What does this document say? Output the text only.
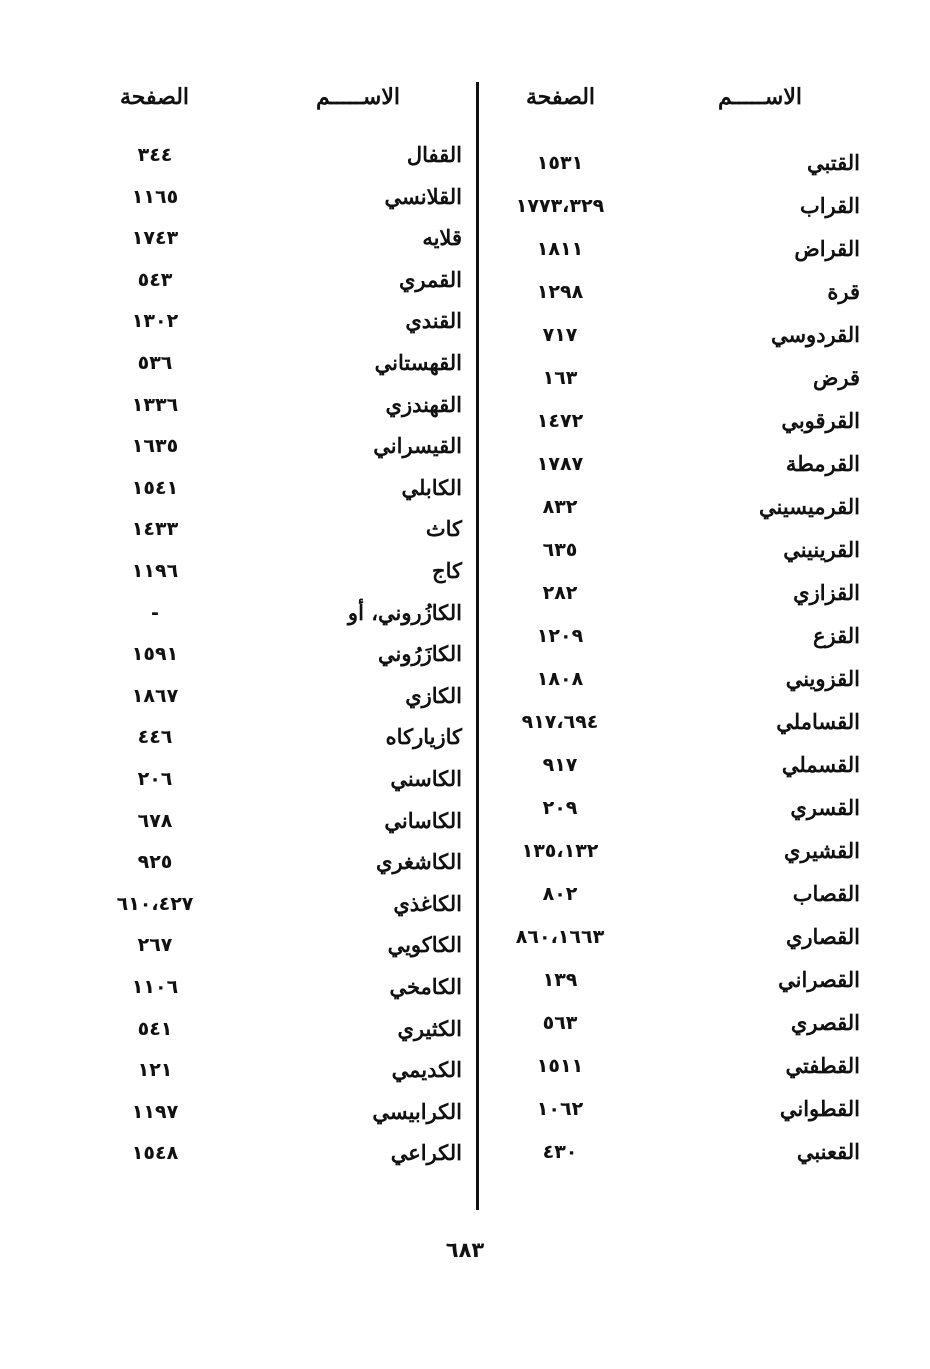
الاســـــم
الصفحة
القتبي
١٥٣١
القراب
١٧٧٣،٣٢٩
القراض
١٨١١
قرة
١٢٩٨
القردوسي
٧١٧
قرض
١٦٣
القرقوبي
١٤٧٢
القرمطة
١٧٨٧
القرميسيني
٨٣٢
القرينيني
٦٣٥
القزازي
٢٨٢
القزع
١٢٠٩
القزويني
١٨٠٨
القساملي
٩١٧،٦٩٤
القسملي
٩١٧
القسري
٢٠٩
القشيري
١٣٥،١٣٢
القصاب
٨٠٢
القصاري
٨٦٠،١٦٦٣
القصراني
١٣٩
القصري
٥٦٣
القطفتي
١٥١١
القطواني
١٠٦٢
القعنبي
٤٣٠
الاســـــم
الصفحة
القفال
٣٤٤
القلانسي
١١٦٥
قلايه
١٧٤٣
القمري
٥٤٣
القندي
١٣٠٢
القهستاني
٥٣٦
القهندزي
١٣٣٦
القيسراني
١٦٣٥
الكابلي
١٥٤١
كاث
١٤٣٣
كاج
١١٩٦
الكازُروني، أو
-
الكازَرُوني
١٥٩١
الكازي
١٨٦٧
كازياركاه
٤٤٦
الكاسني
٢٠٦
الكاساني
٦٧٨
الكاشغري
٩٢٥
الكاغذي
٦١٠،٤٢٧
الكاكويي
٢٦٧
الكامخي
١١٠٦
الكثيري
٥٤١
الكديمي
١٢١
الكرابيسي
١١٩٧
الكراعي
١٥٤٨
٦٨٣
